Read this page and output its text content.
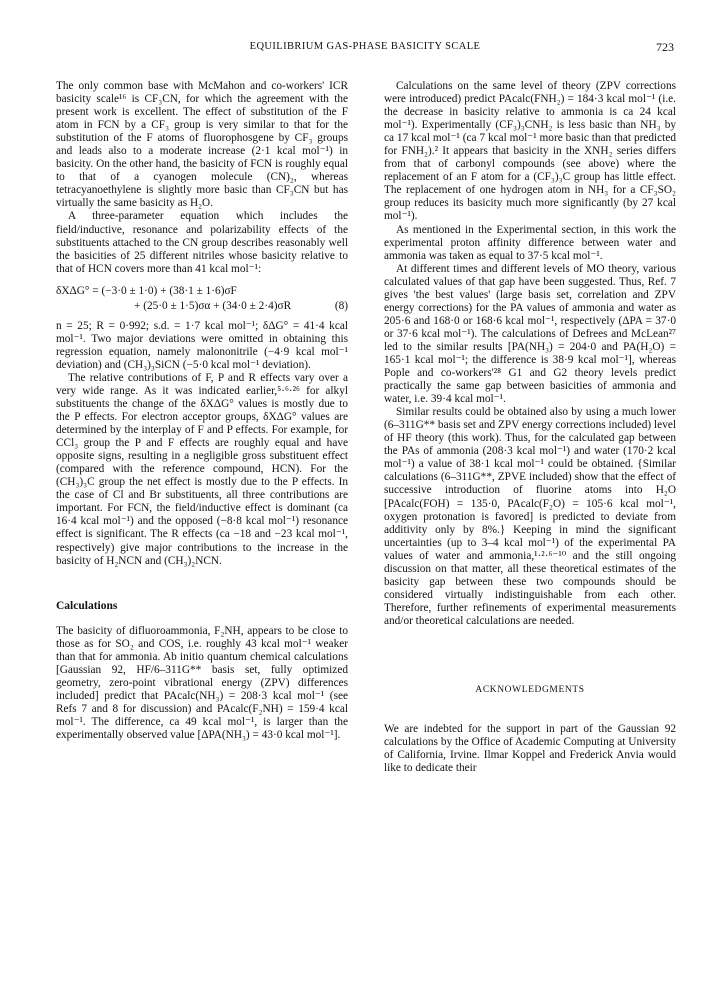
EQUILIBRIUM GAS-PHASE BASICITY SCALE	723

The only common base with McMahon and co-workers' ICR basicity scale¹⁶ is CF₃CN, for which the agreement with the present work is excellent. The effect of substitution of the F atom in FCN by a CF₃ group is very similar to that for the substitution of the F atoms of fluorophosgene by CF₃ groups and leads also to a moderate increase (2·1 kcal mol⁻¹) in basicity. On the other hand, the basicity of FCN is roughly equal to that of a cyanogen molecule (CN)₂, whereas tetracyanoethylene is slightly more basic than CF₃CN but has virtually the same basicity as H₂O.

A three-parameter equation which includes the field/inductive, resonance and polarizability effects of the substituents attached to the CN group describes reasonably well the basicities of 25 different nitriles whose basicity relative to that of HCN covers more than 41 kcal mol⁻¹:

δXΔG° = (−3·0 ± 1·0) + (38·1 ± 1·6)σF
+ (25·0 ± 1·5)σα + (34·0 ± 2·4)σR	(8)

n = 25; R = 0·992; s.d. = 1·7 kcal mol⁻¹; δΔG° = 41·4 kcal mol⁻¹. Two major deviations were omitted in obtaining this regression equation, namely malononitrile (−4·9 kcal mol⁻¹ deviation) and (CH₃)₃SiCN (−5·0 kcal mol⁻¹ deviation).

The relative contributions of F, P and R effects vary over a very wide range. As it was indicated earlier,⁵·⁶·²⁶ for alkyl substituents the change of the δXΔG° values is mostly due to the P effects. For electron acceptor groups, δXΔG° values are determined by the interplay of F and P effects. For example, for CCl₃ group the P and F effects are roughly equal and have opposite signs, resulting in a negligible gross substituent effect (compared with the reference compound, HCN). For the (CH₃)₃C group the net effect is mostly due to the P effects. In the case of Cl and Br substituents, all three contributions are important. For FCN, the field/inductive effect is dominant (ca 16·4 kcal mol⁻¹) and the opposed (−8·8 kcal mol⁻¹) resonance effect is significant. The R effects (ca −18 and −23 kcal mol⁻¹, respectively) give major contributions to the increase in the basicity of H₂NCN and (CH₃)₂NCN.

Calculations

The basicity of difluoroammonia, F₂NH, appears to be close to those as for SO₂ and COS, i.e. roughly 43 kcal mol⁻¹ weaker than that for ammonia. Ab initio quantum chemical calculations [Gaussian 92, HF/6–311G** basis set, fully optimized geometry, zero-point vibrational energy (ZPV) differences included] predict that PAcalc(NH₃) = 208·3 kcal mol⁻¹ (see Refs 7 and 8 for discussion) and PAcalc(F₂NH) = 159·4 kcal mol⁻¹. The difference, ca 49 kcal mol⁻¹, is larger than the experimentally observed value [ΔPA(NH₃) = 43·0 kcal mol⁻¹].

Calculations on the same level of theory (ZPV corrections were introduced) predict PAcalc(FNH₂) = 184·3 kcal mol⁻¹ (i.e. the decrease in basicity relative to ammonia is ca 24 kcal mol⁻¹). Experimentally (CF₃)₃CNH₂ is less basic than NH₃ by ca 17 kcal mol⁻¹ (ca 7 kcal mol⁻¹ more basic than that predicted for FNH₂).² It appears that basicity in the XNH₂ series differs from that of carbonyl compounds (see above) where the replacement of an F atom for a (CF₃)₃C group has little effect. The replacement of one hydrogen atom in NH₃ for a CF₃SO₂ group reduces its basicity much more significantly (by 27 kcal mol⁻¹).

As mentioned in the Experimental section, in this work the experimental proton affinity difference between water and ammonia was taken as equal to 37·5 kcal mol⁻¹.

At different times and different levels of MO theory, various calculated values of that gap have been suggested. Thus, Ref. 7 gives 'the best values' (large basis set, correlation and ZPV energy corrections) for the PA values of ammonia and water as 205·6 and 168·0 or 168·6 kcal mol⁻¹, respectively (ΔPA = 37·0 or 37·6 kcal mol⁻¹). The calculations of Defrees and McLean²⁷ led to the similar results [PA(NH₃) = 204·0 and PA(H₂O) = 165·1 kcal mol⁻¹; the difference is 38·9 kcal mol⁻¹], whereas Pople and co-workers'²⁸ G1 and G2 theory levels predict practically the same gap between basicities of ammonia and water, i.e. 39·4 kcal mol⁻¹.

Similar results could be obtained also by using a much lower (6–311G** basis set and ZPV energy corrections included) level of HF theory (this work). Thus, for the calculated gap between the PAs of ammonia (208·3 kcal mol⁻¹) and water (170·2 kcal mol⁻¹) a value of 38·1 kcal mol⁻¹ could be obtained. {Similar calculations (6–311G**, ZPVE included) show that the effect of successive introduction of fluorine atoms into H₂O [PAcalc(FOH) = 135·0, PAcalc(F₂O) = 105·6 kcal mol⁻¹, oxygen protonation is favored] is predicted to deviate from additivity only by 8%.} Keeping in mind the significant uncertainties (up to 3–4 kcal mol⁻¹) of the experimental PA values of water and ammonia,¹·²·⁶⁻¹⁰ and the still ongoing discussion on that matter, all these theoretical estimates of the basicity gap between these two compounds should be considered virtually indistinguishable from each other. Therefore, further refinements of experimental measurements and/or theoretical calculations are needed.

ACKNOWLEDGMENTS

We are indebted for the support in part of the Gaussian 92 calculations by the Office of Academic Computing at University of California, Irvine. Ilmar Koppel and Frederick Anvia would like to dedicate their
